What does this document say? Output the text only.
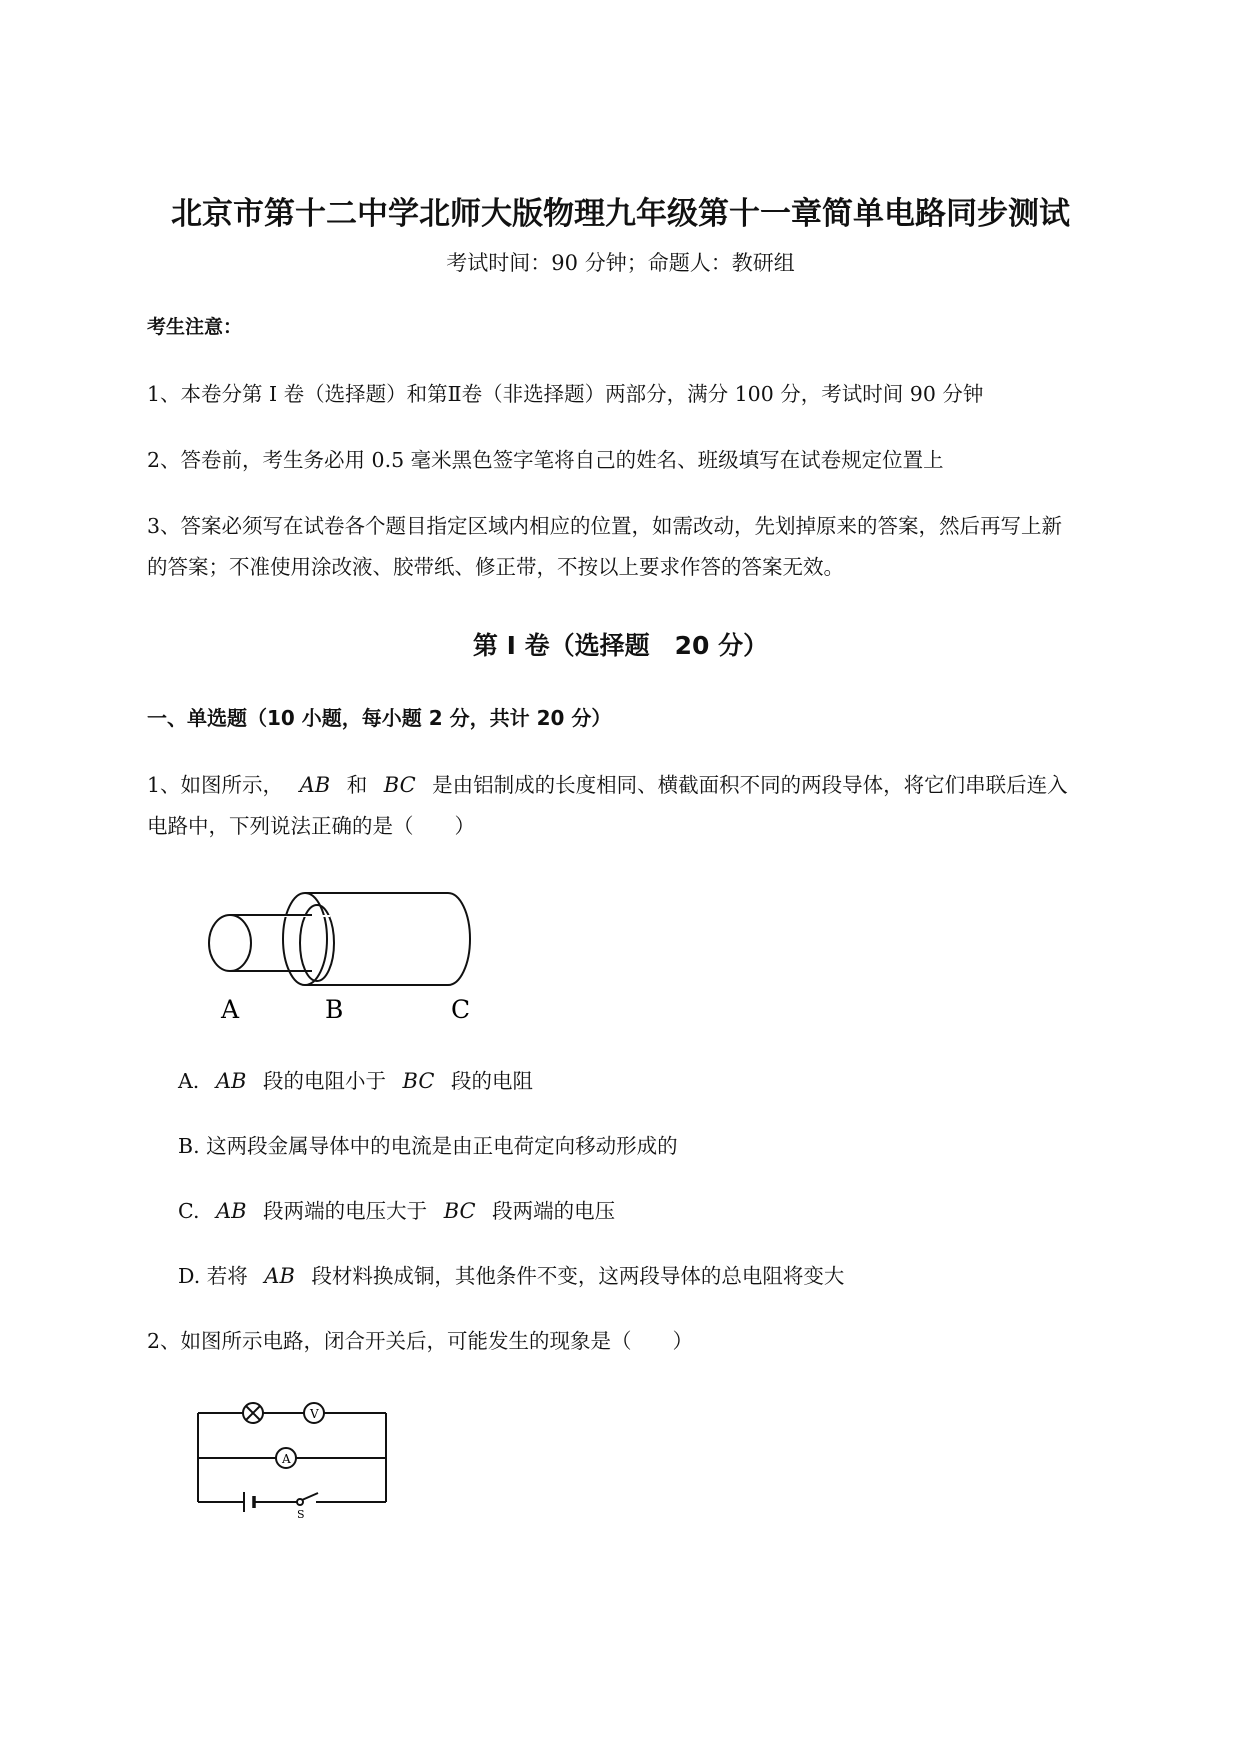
北京市第十二中学北师大版物理九年级第十一章简单电路同步测试
考试时间：90 分钟；命题人：教研组
考生注意：
1、本卷分第 I 卷（选择题）和第Ⅱ卷（非选择题）两部分，满分 100 分，考试时间 90 分钟
2、答卷前，考生务必用 0.5 毫米黑色签字笔将自己的姓名、班级填写在试卷规定位置上
3、答案必须写在试卷各个题目指定区域内相应的位置，如需改动，先划掉原来的答案，然后再写上新
的答案；不准使用涂改液、胶带纸、修正带，不按以上要求作答的答案无效。
第 I 卷（选择题　20 分）
一、单选题（10 小题，每小题 2 分，共计 20 分）
1、如图所示， AB 和 BC 是由铝制成的长度相同、横截面积不同的两段导体，将它们串联后连入
电路中，下列说法正确的是（　　）
A	B	C
A. AB 段的电阻小于 BC 段的电阻
B. 这两段金属导体中的电流是由正电荷定向移动形成的
C. AB 段两端的电压大于 BC 段两端的电压
D. 若将 AB 段材料换成铜，其他条件不变，这两段导体的总电阻将变大
2、如图所示电路，闭合开关后，可能发生的现象是（　　）
V
A
S
